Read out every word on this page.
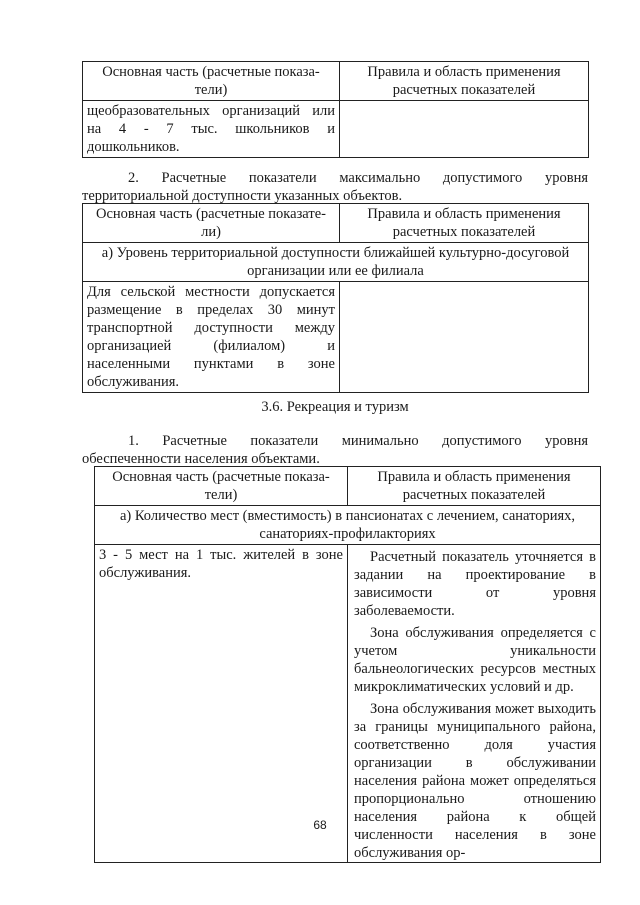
Основная часть (расчетные показа-тели)	Правила и область применения расчетных показателей
щеобразовательных организаций или на 4 - 7 тыс. школьников и дошкольников.	
2. Расчетные показатели максимально допустимого уровня территориальной доступности указанных объектов.
Основная часть (расчетные показате-ли)	Правила и область применения расчетных показателей
а) Уровень территориальной доступности ближайшей культурно-досуговой организации или ее филиала	
Для сельской местности допускается размещение в пределах 30 минут транспортной доступности между организацией (филиалом) и населенными пунктами в зоне обслуживания.	
3.6. Рекреация и туризм
1. Расчетные показатели минимально допустимого уровня обеспеченности населения объектами.
Основная часть (расчетные показа-тели)	Правила и область применения расчетных показателей
а) Количество мест (вместимость) в пансионатах с лечением, санаториях, санаториях-профилакториях	
3 - 5 мест на 1 тыс. жителей в зоне обслуживания.	Расчетный показатель уточняется в задании на проектирование в зависимости от уровня заболеваемости.

Зона обслуживания определяется с учетом уникальности бальнеологических ресурсов местных микроклиматических условий и др.

Зона обслуживания может выходить за границы муниципального района, соответственно доля участия организации в обслуживании населения района может определяться пропорционально отношению населения района к общей численности населения в зоне обслуживания ор-

68
